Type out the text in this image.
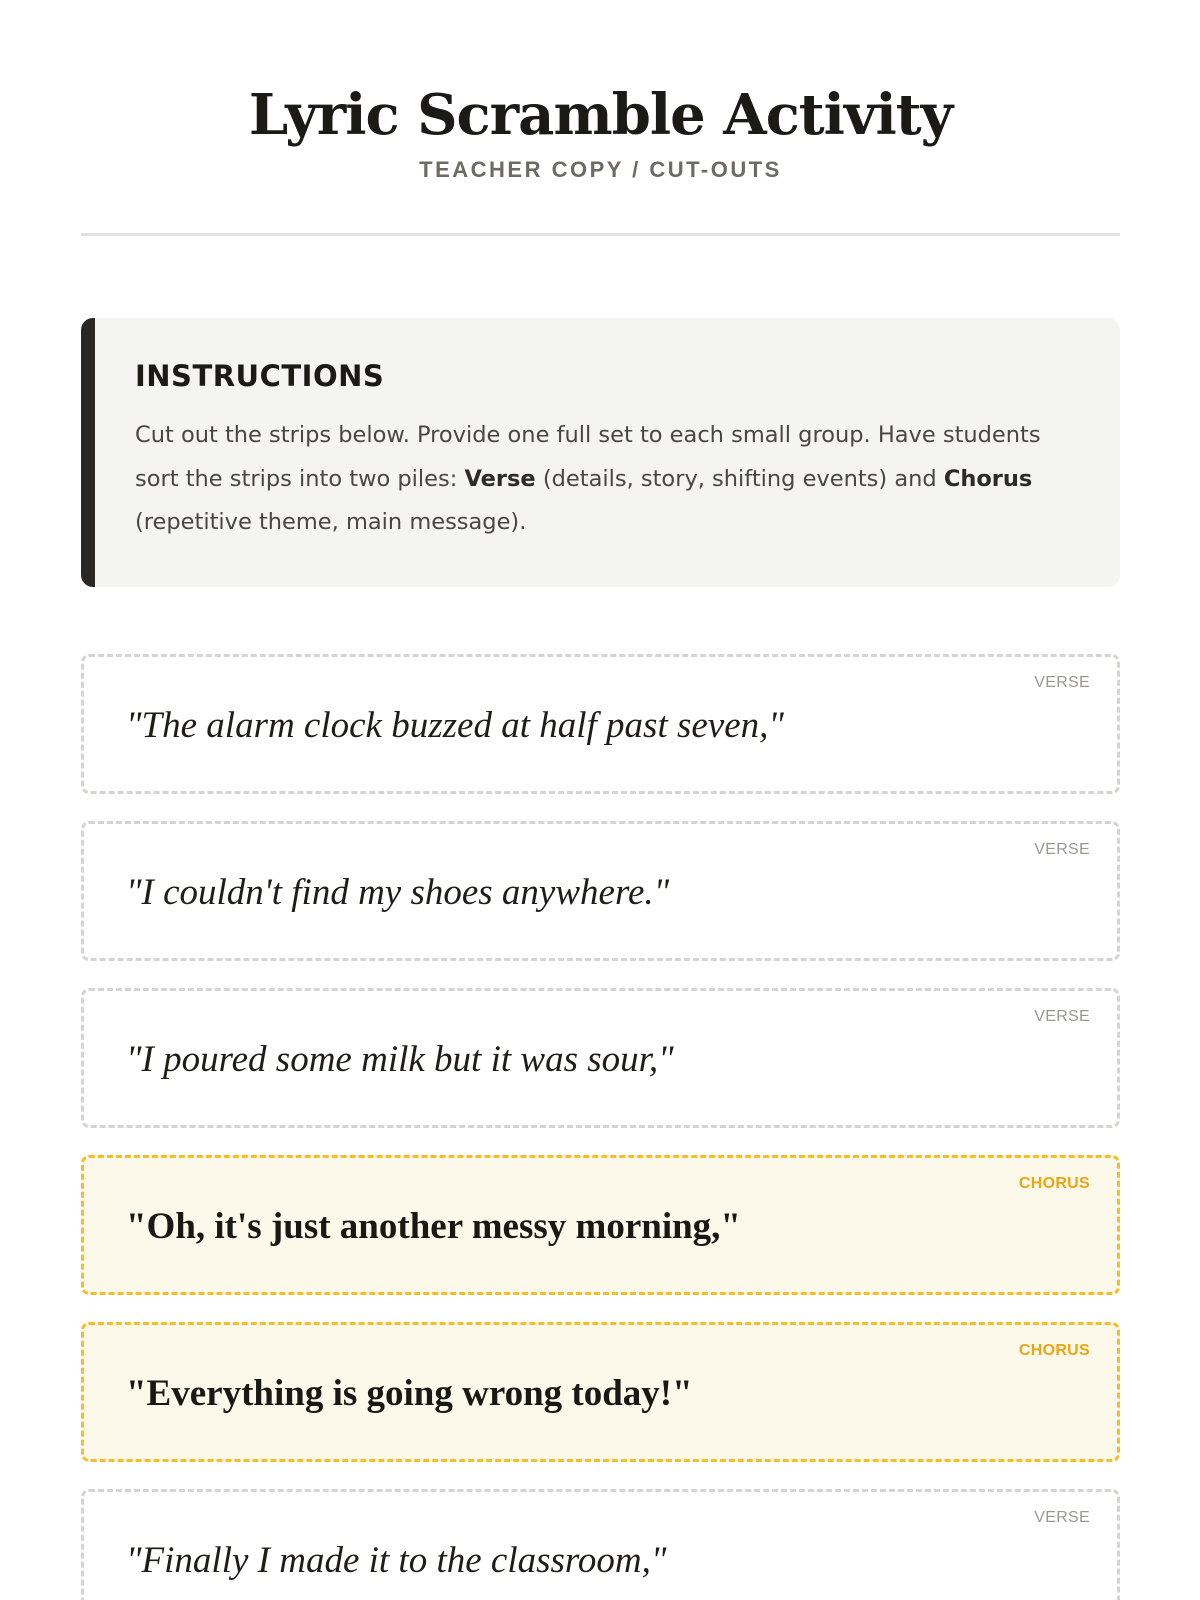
Lyric Scramble Activity
TEACHER COPY / CUT-OUTS
INSTRUCTIONS

Cut out the strips below. Provide one full set to each small group. Have students sort the strips into two piles: Verse (details, story, shifting events) and Chorus (repetitive theme, main message).

VERSE
"The alarm clock buzzed at half past seven,"
VERSE
"I couldn't find my shoes anywhere."
VERSE
"I poured some milk but it was sour,"
CHORUS
"Oh, it's just another messy morning,"
CHORUS
"Everything is going wrong today!"
VERSE
"Finally I made it to the classroom,"
